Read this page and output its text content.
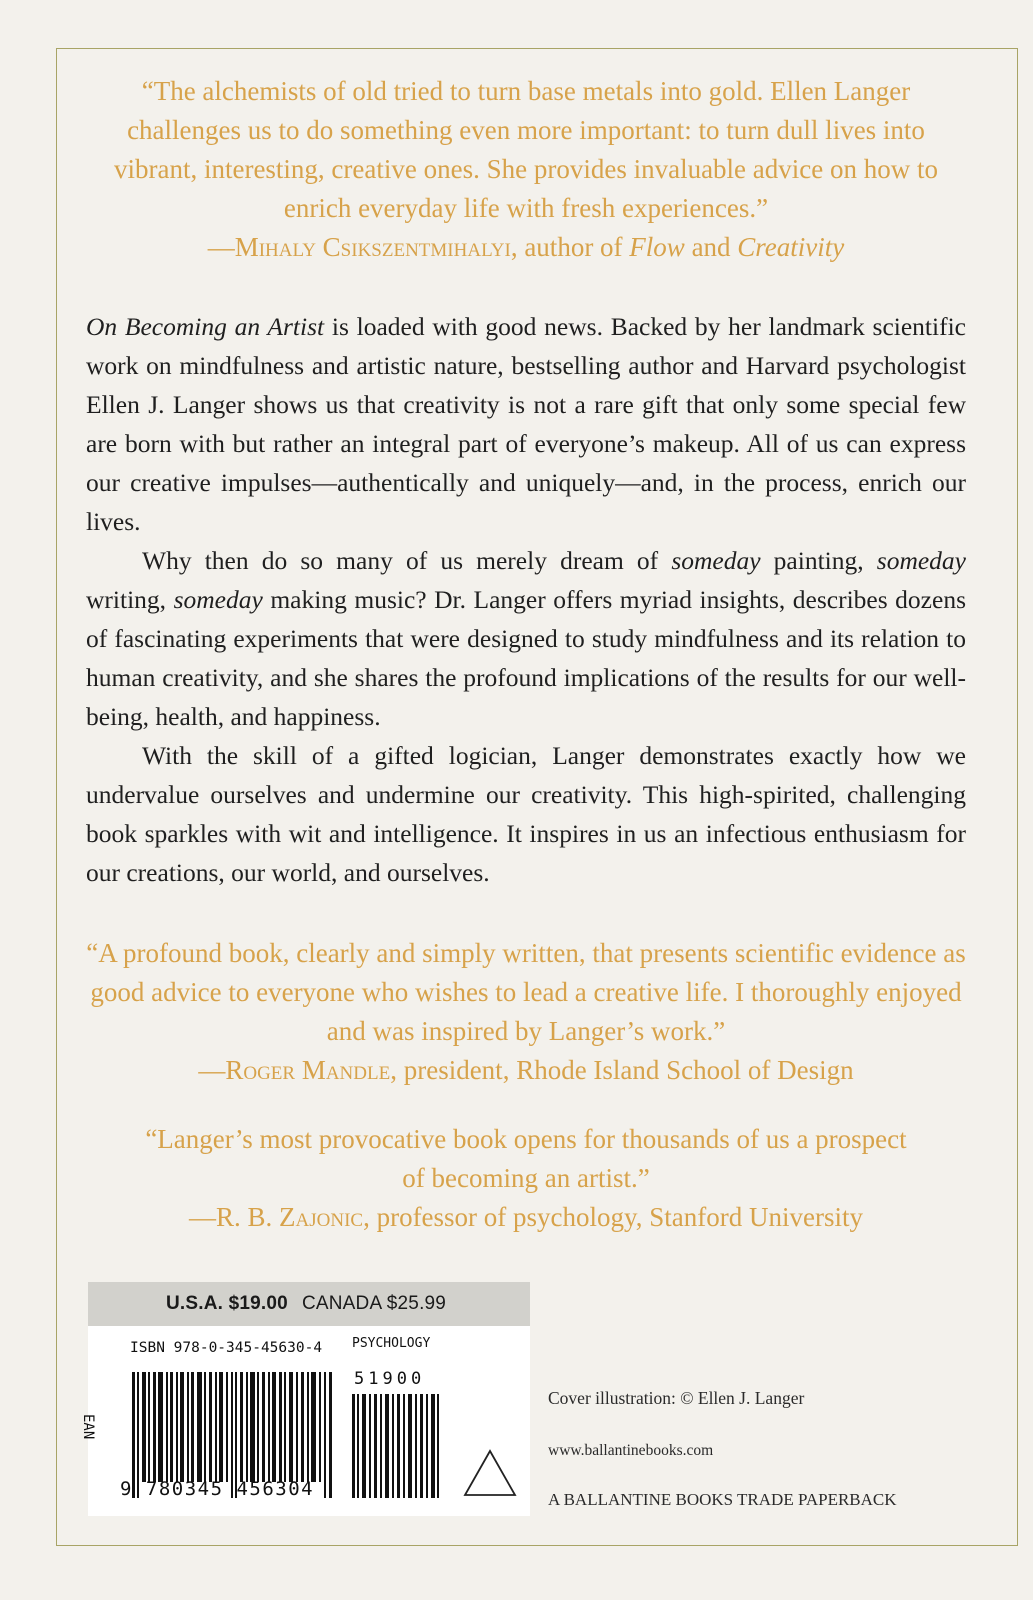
“The alchemists of old tried to turn base metals into gold. Ellen Langer challenges us to do something even more important: to turn dull lives into vibrant, interesting, creative ones. She provides invaluable advice on how to enrich everyday life with fresh experiences.”

—Mihaly Csikszentmihalyi, author of Flow and Creativity

On Becoming an Artist is loaded with good news. Backed by her landmark scientific work on mindfulness and artistic nature, bestselling author and Harvard psychologist Ellen J. Langer shows us that creativity is not a rare gift that only some special few are born with but rather an integral part of everyone’s makeup. All of us can express our creative impulses—authentically and uniquely—and, in the process, enrich our lives.

Why then do so many of us merely dream of someday painting, someday writing, someday making music? Dr. Langer offers myriad insights, describes dozens of fascinating experiments that were designed to study mindfulness and its relation to human creativity, and she shares the profound implications of the results for our well-being, health, and happiness.

With the skill of a gifted logician, Langer demonstrates exactly how we undervalue ourselves and undermine our creativity. This high-spirited, challenging book sparkles with wit and intelligence. It inspires in us an infectious enthusiasm for our creations, our world, and ourselves.

“A profound book, clearly and simply written, that presents scientific evidence as good advice to everyone who wishes to lead a creative life. I thoroughly enjoyed and was inspired by Langer’s work.”

—Roger Mandle, president, Rhode Island School of Design

“Langer’s most provocative book opens for thousands of us a prospect of becoming an artist.”

—R. B. Zajonic, professor of psychology, Stanford University

U.S.A. $19.00 CANADA $25.99
ISBN 978-0-345-45630-4 PSYCHOLOGY
EAN
51900
9 780345 456304
Cover illustration: © Ellen J. Langer
www.ballantinebooks.com
A BALLANTINE BOOKS TRADE PAPERBACK
